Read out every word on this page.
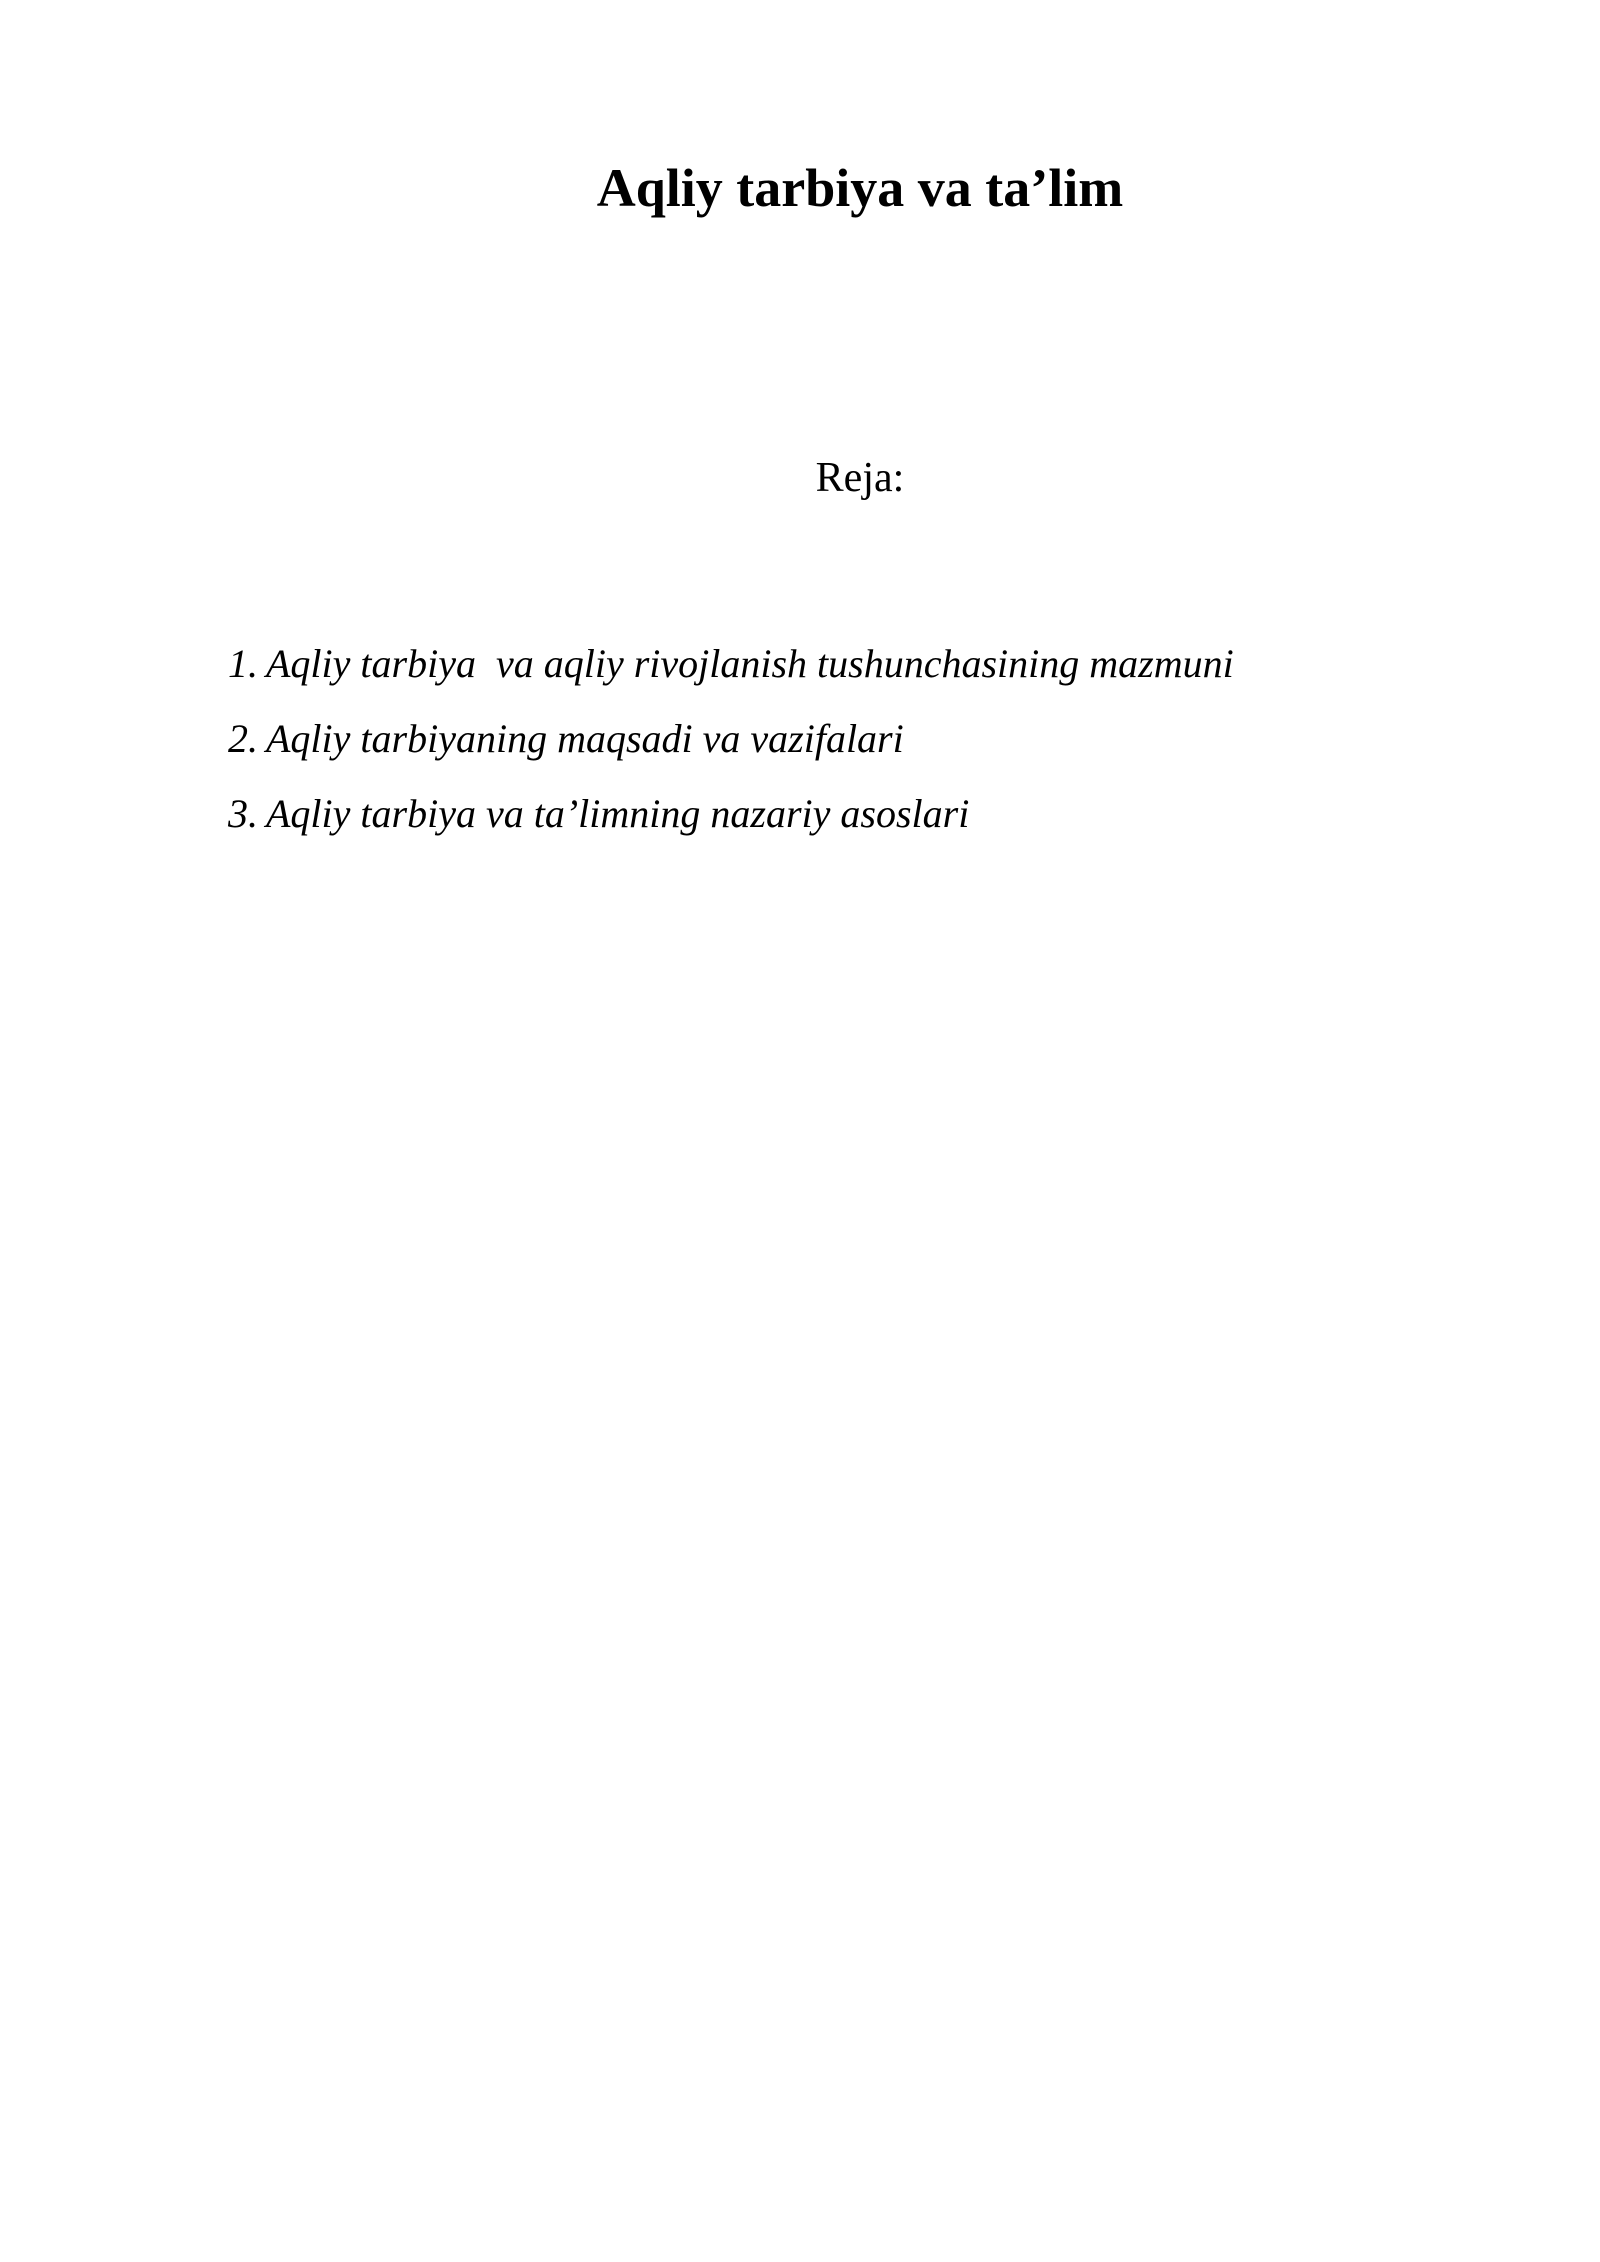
Aqliy tarbiya va ta’lim
Reja:
1. Aqliy tarbiya  va aqliy rivojlanish tushunchasining mazmuni
2. Aqliy tarbiyaning maqsadi va vazifalari
3. Aqliy tarbiya va ta’limning nazariy asoslari
